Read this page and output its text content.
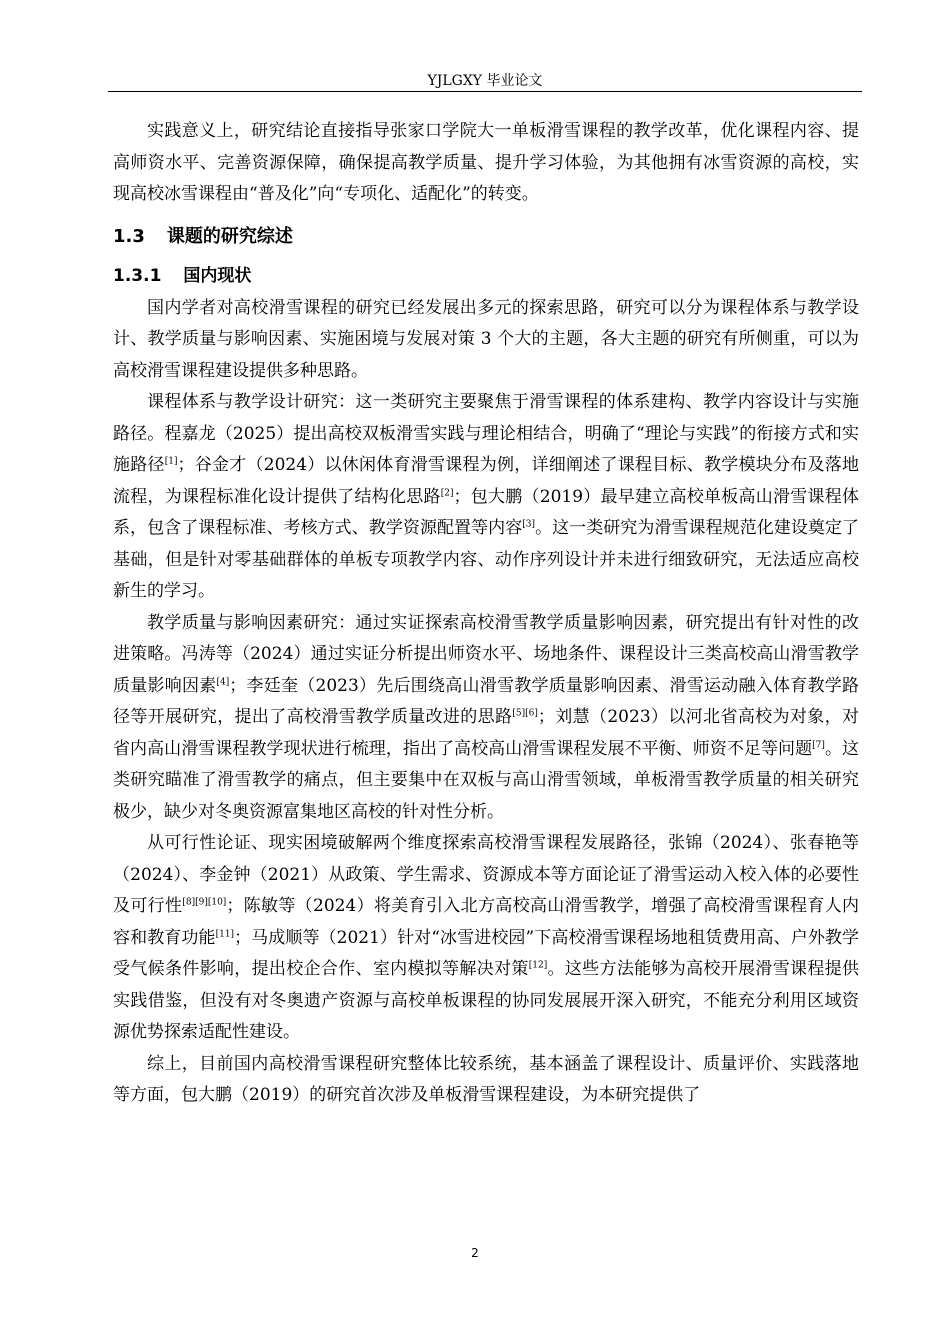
YJLGXY 毕业论文

实践意义上，研究结论直接指导张家口学院大一单板滑雪课程的教学改革，优化课程内容、提高师资水平、完善资源保障，确保提高教学质量、提升学习体验，为其他拥有冰雪资源的高校，实现高校冰雪课程由“普及化”向“专项化、适配化”的转变。

1.3 课题的研究综述
1.3.1 国内现状

国内学者对高校滑雪课程的研究已经发展出多元的探索思路，研究可以分为课程体系与教学设计、教学质量与影响因素、实施困境与发展对策 3 个大的主题，各大主题的研究有所侧重，可以为高校滑雪课程建设提供多种思路。

课程体系与教学设计研究：这一类研究主要聚焦于滑雪课程的体系建构、教学内容设计与实施路径。程嘉龙（2025）提出高校双板滑雪实践与理论相结合，明确了“理论与实践”的衔接方式和实施路径[1]；谷金才（2024）以休闲体育滑雪课程为例，详细阐述了课程目标、教学模块分布及落地流程，为课程标准化设计提供了结构化思路[2]；包大鹏（2019）最早建立高校单板高山滑雪课程体系，包含了课程标准、考核方式、教学资源配置等内容[3]。这一类研究为滑雪课程规范化建设奠定了基础，但是针对零基础群体的单板专项教学内容、动作序列设计并未进行细致研究，无法适应高校新生的学习。

教学质量与影响因素研究：通过实证探索高校滑雪教学质量影响因素，研究提出有针对性的改进策略。冯涛等（2024）通过实证分析提出师资水平、场地条件、课程设计三类高校高山滑雪教学质量影响因素[4]；李廷奎（2023）先后围绕高山滑雪教学质量影响因素、滑雪运动融入体育教学路径等开展研究，提出了高校滑雪教学质量改进的思路[5][6]；刘慧（2023）以河北省高校为对象，对省内高山滑雪课程教学现状进行梳理，指出了高校高山滑雪课程发展不平衡、师资不足等问题[7]。这类研究瞄准了滑雪教学的痛点，但主要集中在双板与高山滑雪领域，单板滑雪教学质量的相关研究极少，缺少对冬奥资源富集地区高校的针对性分析。

从可行性论证、现实困境破解两个维度探索高校滑雪课程发展路径，张锦（2024）、张春艳等（2024）、李金钟（2021）从政策、学生需求、资源成本等方面论证了滑雪运动入校入体的必要性及可行性[8][9][10]；陈敏等（2024）将美育引入北方高校高山滑雪教学，增强了高校滑雪课程育人内容和教育功能[11]；马成顺等（2021）针对“冰雪进校园”下高校滑雪课程场地租赁费用高、户外教学受气候条件影响，提出校企合作、室内模拟等解决对策[12]。这些方法能够为高校开展滑雪课程提供实践借鉴，但没有对冬奥遗产资源与高校单板课程的协同发展展开深入研究，不能充分利用区域资源优势探索适配性建设。

综上，目前国内高校滑雪课程研究整体比较系统，基本涵盖了课程设计、质量评价、实践落地等方面，包大鹏（2019）的研究首次涉及单板滑雪课程建设，为本研究提供了

2
